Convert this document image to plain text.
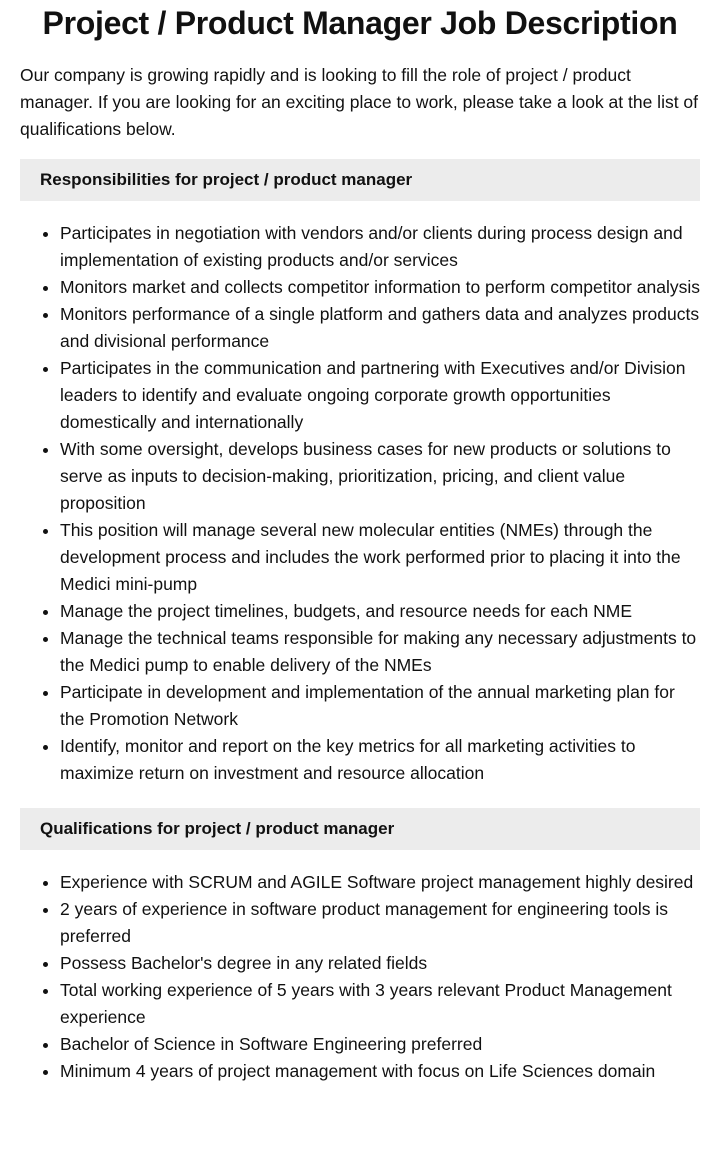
Project / Product Manager Job Description

Our company is growing rapidly and is looking to fill the role of project / product manager. If you are looking for an exciting place to work, please take a look at the list of qualifications below.

Responsibilities for project / product manager
• Participates in negotiation with vendors and/or clients during process design and implementation of existing products and/or services
• Monitors market and collects competitor information to perform competitor analysis
• Monitors performance of a single platform and gathers data and analyzes products and divisional performance
• Participates in the communication and partnering with Executives and/or Division leaders to identify and evaluate ongoing corporate growth opportunities domestically and internationally
• With some oversight, develops business cases for new products or solutions to serve as inputs to decision-making, prioritization, pricing, and client value proposition
• This position will manage several new molecular entities (NMEs) through the development process and includes the work performed prior to placing it into the Medici mini-pump
• Manage the project timelines, budgets, and resource needs for each NME
• Manage the technical teams responsible for making any necessary adjustments to the Medici pump to enable delivery of the NMEs
• Participate in development and implementation of the annual marketing plan for the Promotion Network
• Identify, monitor and report on the key metrics for all marketing activities to maximize return on investment and resource allocation
Qualifications for project / product manager
• Experience with SCRUM and AGILE Software project management highly desired
• 2 years of experience in software product management for engineering tools is preferred
• Possess Bachelor's degree in any related fields
• Total working experience of 5 years with 3 years relevant Product Management experience
• Bachelor of Science in Software Engineering preferred
• Minimum 4 years of project management with focus on Life Sciences domain
